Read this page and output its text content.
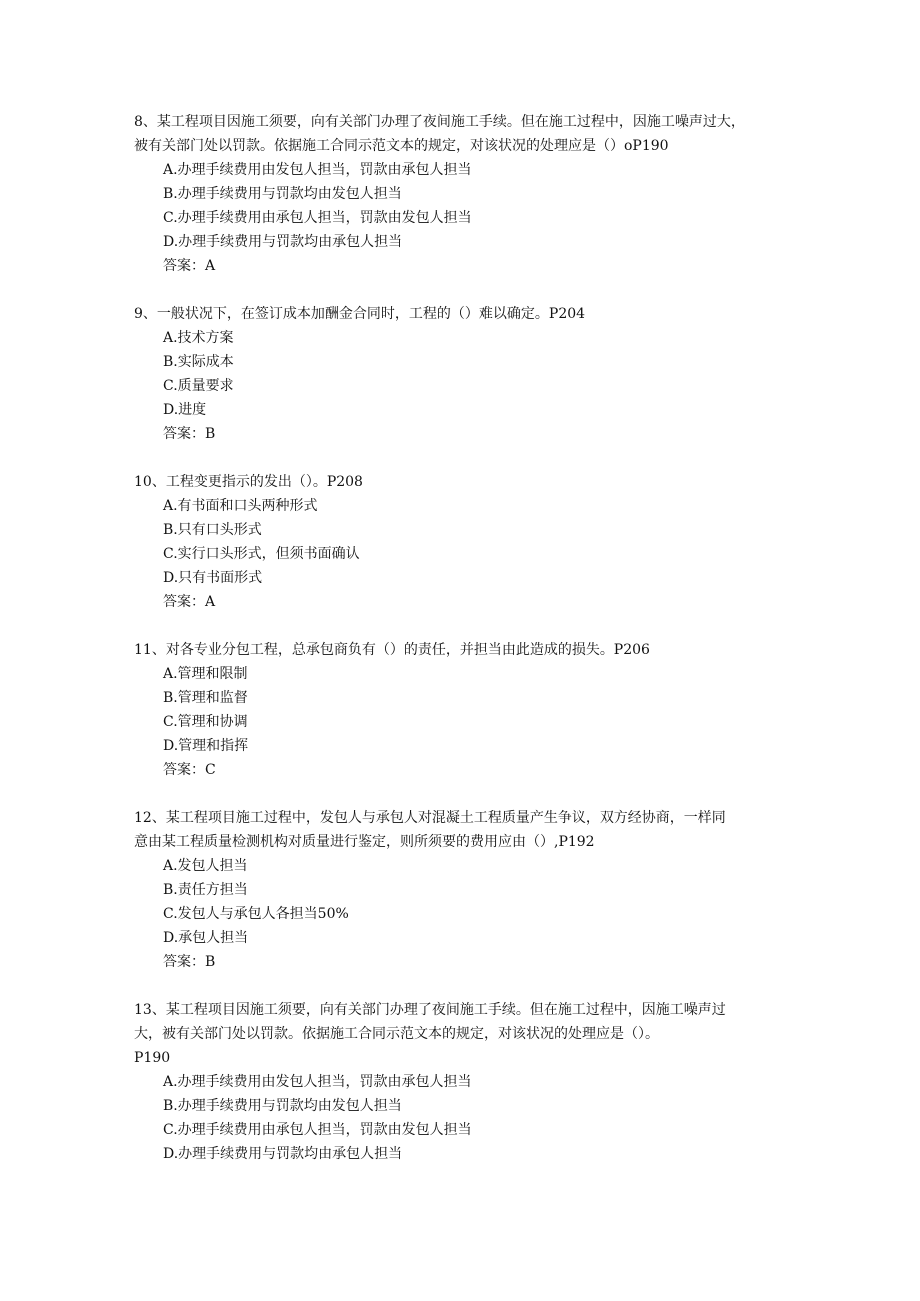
8、某工程项目因施工须要，向有关部门办理了夜间施工手续。但在施工过程中，因施工噪声过大，
被有关部门处以罚款。依据施工合同示范文本的规定，对该状况的处理应是（）oP190
A.办理手续费用由发包人担当，罚款由承包人担当
B.办理手续费用与罚款均由发包人担当
C.办理手续费用由承包人担当，罚款由发包人担当
D.办理手续费用与罚款均由承包人担当
答案：A
9、一般状况下，在签订成本加酬金合同时，工程的（）难以确定。P204
A.技术方案
B.实际成本
C.质量要求
D.进度
答案：B
10、工程变更指示的发出（）。P208
A.有书面和口头两种形式
B.只有口头形式
C.实行口头形式，但须书面确认
D.只有书面形式
答案：A
11、对各专业分包工程，总承包商负有（）的责任，并担当由此造成的损失。P206
A.管理和限制
B.管理和监督
C.管理和协调
D.管理和指挥
答案：C
12、某工程项目施工过程中，发包人与承包人对混凝土工程质量产生争议，双方经协商，一样同
意由某工程质量检测机构对质量进行鉴定，则所须要的费用应由（）,P192
A.发包人担当
B.责任方担当
C.发包人与承包人各担当50%
D.承包人担当
答案：B
13、某工程项目因施工须要，向有关部门办理了夜间施工手续。但在施工过程中，因施工噪声过
大，被有关部门处以罚款。依据施工合同示范文本的规定，对该状况的处理应是（）。
P190
A.办理手续费用由发包人担当，罚款由承包人担当
B.办理手续费用与罚款均由发包人担当
C.办理手续费用由承包人担当，罚款由发包人担当
D.办理手续费用与罚款均由承包人担当
